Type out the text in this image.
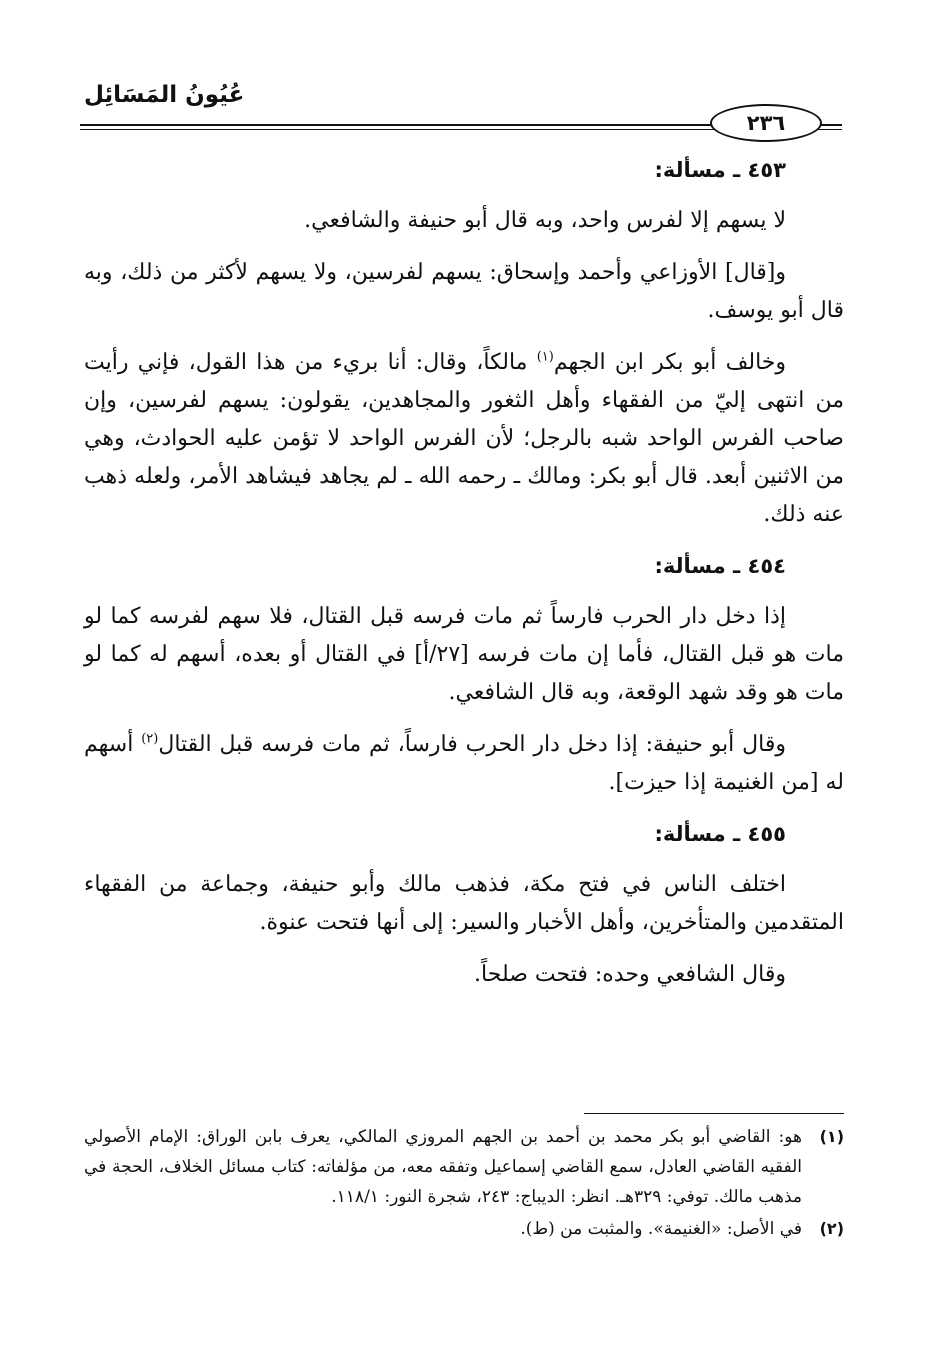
عُيُونُ المَسَائِل
٢٣٦
٤٥٣ ـ مسألة:

لا يسهم إلا لفرس واحد، وبه قال أبو حنيفة والشافعي.

و[قال] الأوزاعي وأحمد وإسحاق: يسهم لفرسين، ولا يسهم لأكثر من ذلك، وبه قال أبو يوسف.

وخالف أبو بكر ابن الجهم$^{(١)}$ مالكاً، وقال: أنا بريء من هذا القول، فإني رأيت من انتهى إليّ من الفقهاء وأهل الثغور والمجاهدين، يقولون: يسهم لفرسين، وإن صاحب الفرس الواحد شبه بالرجل؛ لأن الفرس الواحد لا تؤمن عليه الحوادث، وهي من الاثنين أبعد. قال أبو بكر: ومالك ـ رحمه الله ـ لم يجاهد فيشاهد الأمر، ولعله ذهب عنه ذلك.

٤٥٤ ـ مسألة:

إذا دخل دار الحرب فارساً ثم مات فرسه قبل القتال، فلا سهم لفرسه كما لو مات هو قبل القتال، فأما إن مات فرسه [٢٧/أ] في القتال أو بعده، أسهم له كما لو مات هو وقد شهد الوقعة، وبه قال الشافعي.

وقال أبو حنيفة: إذا دخل دار الحرب فارساً، ثم مات فرسه قبل القتال$^{(٢)}$ أسهم له [من الغنيمة إذا حيزت].

٤٥٥ ـ مسألة:

اختلف الناس في فتح مكة، فذهب مالك وأبو حنيفة، وجماعة من الفقهاء المتقدمين والمتأخرين، وأهل الأخبار والسير: إلى أنها فتحت عنوة.

وقال الشافعي وحده: فتحت صلحاً.

(١)
هو: القاضي أبو بكر محمد بن أحمد بن الجهم المروزي المالكي، يعرف بابن الوراق: الإمام الأصولي الفقيه القاضي العادل، سمع القاضي إسماعيل وتفقه معه، من مؤلفاته: كتاب مسائل الخلاف، الحجة في مذهب مالك. توفي: ٣٢٩هـ. انظر: الديباج: ٢٤٣، شجرة النور: ١١٨/١.
(٢)
في الأصل: «الغنيمة». والمثبت من (ط).
